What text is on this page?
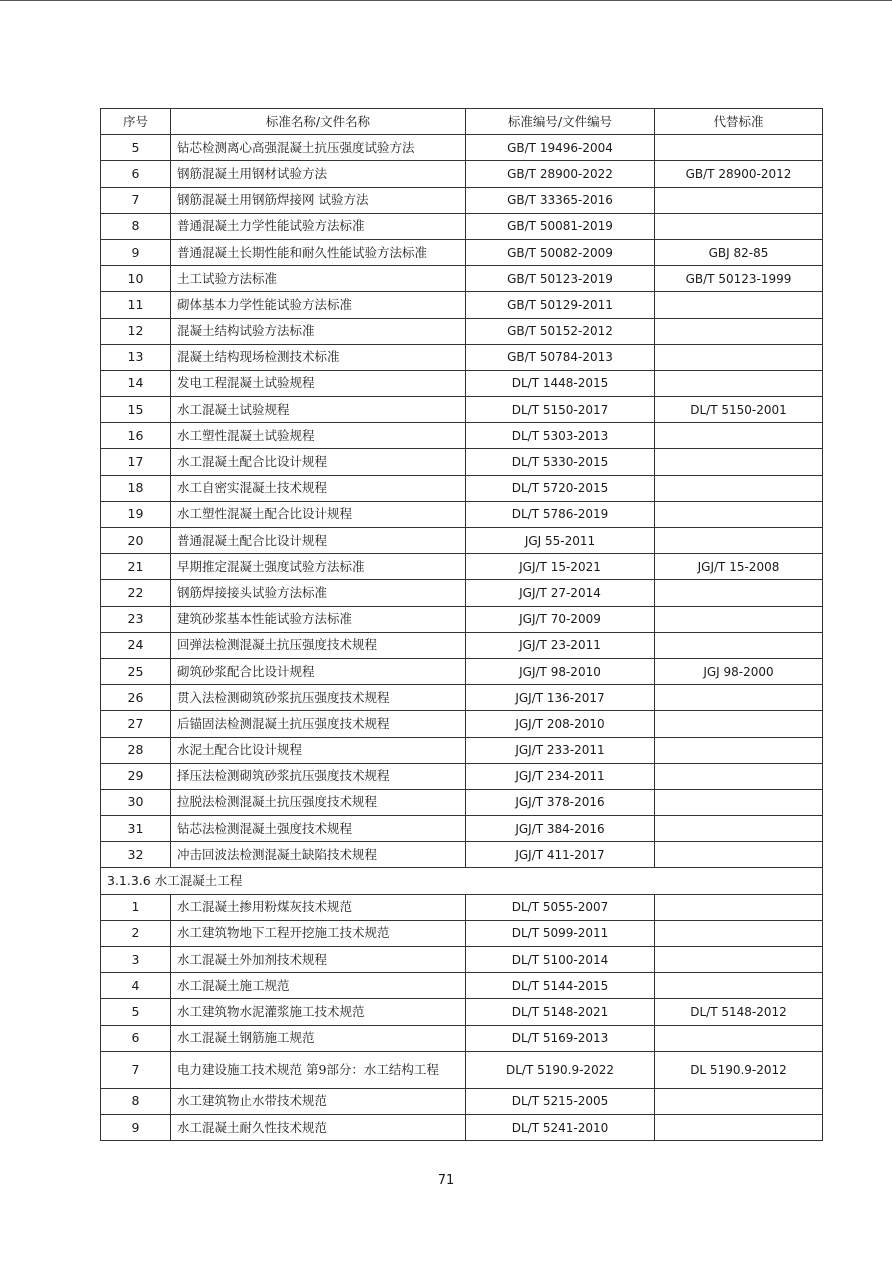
序号	标准名称/文件名称	标准编号/文件编号	代替标准
5	钻芯检测离心高强混凝土抗压强度试验方法	GB/T 19496-2004	
6	钢筋混凝土用钢材试验方法	GB/T 28900-2022	GB/T 28900-2012
7	钢筋混凝土用钢筋焊接网 试验方法	GB/T 33365-2016	
8	普通混凝土力学性能试验方法标准	GB/T 50081-2019	
9	普通混凝土长期性能和耐久性能试验方法标准	GB/T 50082-2009	GBJ 82-85
10	土工试验方法标准	GB/T 50123-2019	GB/T 50123-1999
11	砌体基本力学性能试验方法标准	GB/T 50129-2011	
12	混凝土结构试验方法标准	GB/T 50152-2012	
13	混凝土结构现场检测技术标准	GB/T 50784-2013	
14	发电工程混凝土试验规程	DL/T 1448-2015	
15	水工混凝土试验规程	DL/T 5150-2017	DL/T 5150-2001
16	水工塑性混凝土试验规程	DL/T 5303-2013	
17	水工混凝土配合比设计规程	DL/T 5330-2015	
18	水工自密实混凝土技术规程	DL/T 5720-2015	
19	水工塑性混凝土配合比设计规程	DL/T 5786-2019	
20	普通混凝土配合比设计规程	JGJ 55-2011	
21	早期推定混凝土强度试验方法标准	JGJ/T 15-2021	JGJ/T 15-2008
22	钢筋焊接接头试验方法标准	JGJ/T 27-2014	
23	建筑砂浆基本性能试验方法标准	JGJ/T 70-2009	
24	回弹法检测混凝土抗压强度技术规程	JGJ/T 23-2011	
25	砌筑砂浆配合比设计规程	JGJ/T 98-2010	JGJ 98-2000
26	贯入法检测砌筑砂浆抗压强度技术规程	JGJ/T 136-2017	
27	后锚固法检测混凝土抗压强度技术规程	JGJ/T 208-2010	
28	水泥土配合比设计规程	JGJ/T 233-2011	
29	择压法检测砌筑砂浆抗压强度技术规程	JGJ/T 234-2011	
30	拉脱法检测混凝土抗压强度技术规程	JGJ/T 378-2016	
31	钻芯法检测混凝土强度技术规程	JGJ/T 384-2016	
32	冲击回波法检测混凝土缺陷技术规程	JGJ/T 411-2017	
3.1.3.6 水工混凝土工程			
1	水工混凝土掺用粉煤灰技术规范	DL/T 5055-2007	
2	水工建筑物地下工程开挖施工技术规范	DL/T 5099-2011	
3	水工混凝土外加剂技术规程	DL/T 5100-2014	
4	水工混凝土施工规范	DL/T 5144-2015	
5	水工建筑物水泥灌浆施工技术规范	DL/T 5148-2021	DL/T 5148-2012
6	水工混凝土钢筋施工规范	DL/T 5169-2013	
7	电力建设施工技术规范 第9部分：水工结构工程	DL/T 5190.9-2022	DL 5190.9-2012
8	水工建筑物止水带技术规范	DL/T 5215-2005	
9	水工混凝土耐久性技术规范	DL/T 5241-2010	
71
